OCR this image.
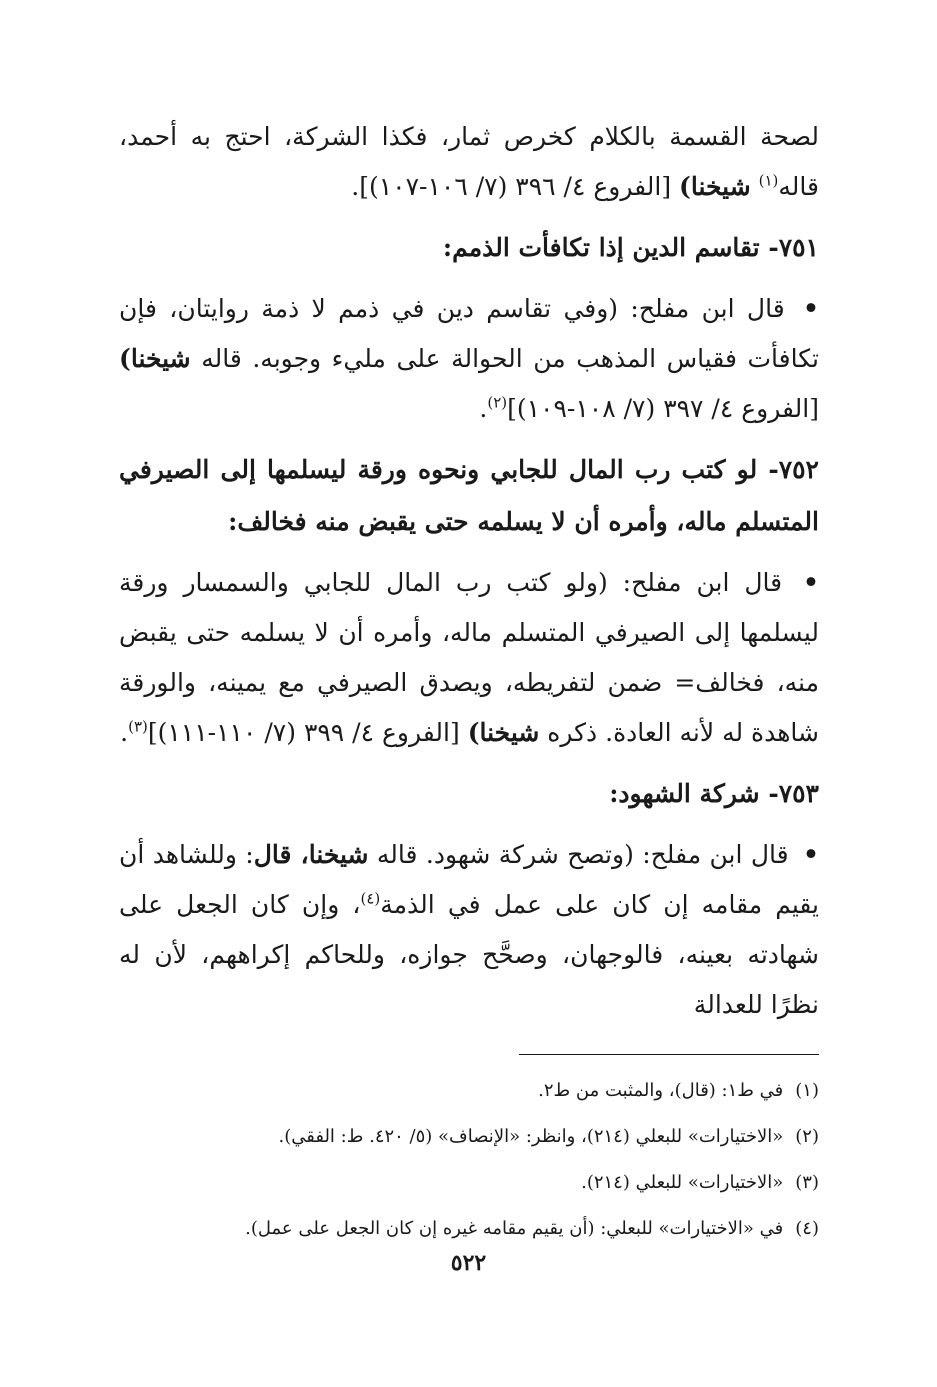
لصحة القسمة بالكلام كخرص ثمار، فكذا الشركة، احتج به أحمد، قاله$^{(١)}$ شيخنا) [الفروع ٤/ ٣٩٦ (٧/ ١٠٦-١٠٧)].

٧٥١- تقاسم الدين إذا تكافأت الذمم:

• قال ابن مفلح: (وفي تقاسم دين في ذمم لا ذمة روايتان، فإن تكافأت فقياس المذهب من الحوالة على مليء وجوبه. قاله شيخنا) [الفروع ٤/ ٣٩٧ (٧/ ١٠٨-١٠٩)]$^{(٢)}$.

٧٥٢- لو كتب رب المال للجابي ونحوه ورقة ليسلمها إلى الصيرفي المتسلم ماله، وأمره أن لا يسلمه حتى يقبض منه فخالف:

• قال ابن مفلح: (ولو كتب رب المال للجابي والسمسار ورقة ليسلمها إلى الصيرفي المتسلم ماله، وأمره أن لا يسلمه حتى يقبض منه، فخالف= ضمن لتفريطه، ويصدق الصيرفي مع يمينه، والورقة شاهدة له لأنه العادة. ذكره شيخنا) [الفروع ٤/ ٣٩٩ (٧/ ١١٠-١١١)]$^{(٣)}$.

٧٥٣- شركة الشهود:

• قال ابن مفلح: (وتصح شركة شهود. قاله شيخنا، قال: وللشاهد أن يقيم مقامه إن كان على عمل في الذمة$^{(٤)}$، وإن كان الجعل على شهادته بعينه، فالوجهان، وصحَّح جوازه، وللحاكم إكراههم، لأن له نظرًا للعدالة

(١)في ط١: (قال)، والمثبت من ط٢.

(٢)«الاختيارات» للبعلي (٢١٤)، وانظر: «الإنصاف» (٥/ ٤٢٠. ط: الفقي).

(٣)«الاختيارات» للبعلي (٢١٤).

(٤)في «الاختيارات» للبعلي: (أن يقيم مقامه غيره إن كان الجعل على عمل).

٥٢٢
